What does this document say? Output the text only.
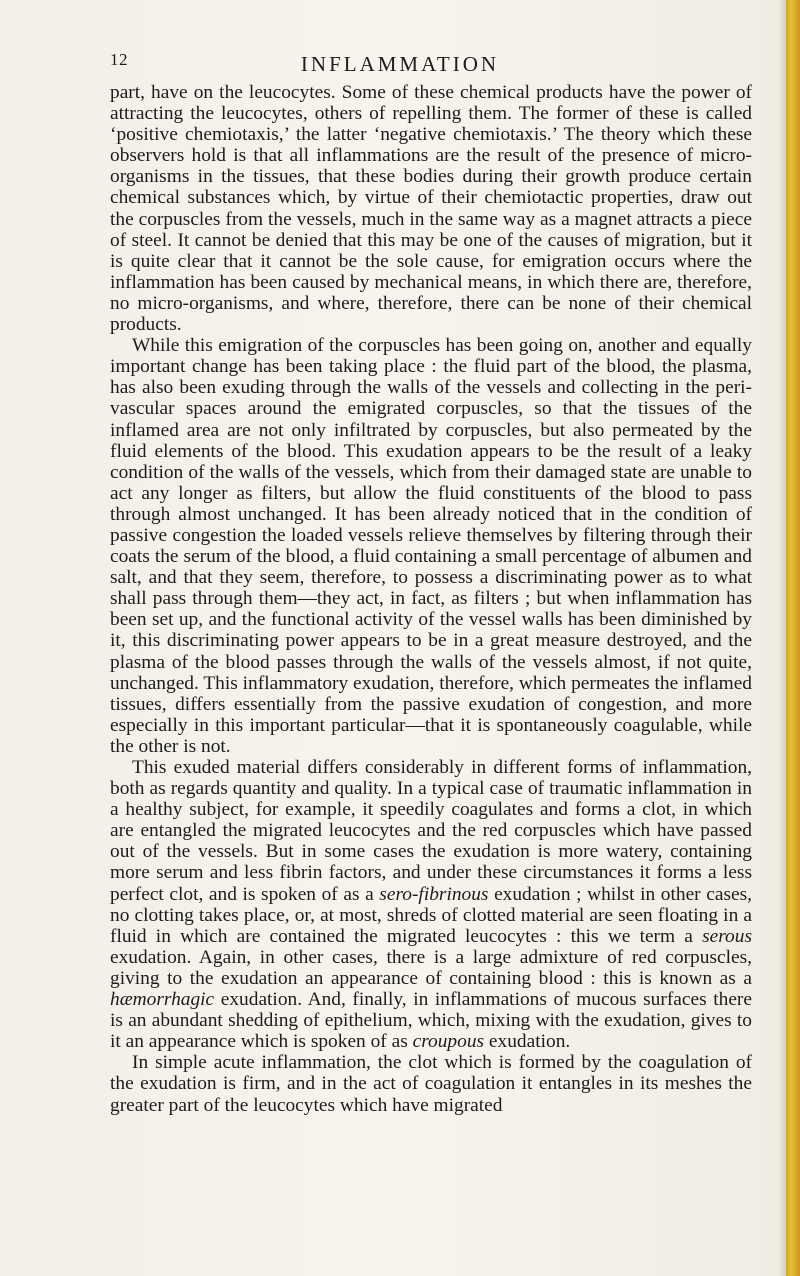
12	INFLAMMATION

part, have on the leucocytes. Some of these chemical products have the power of attracting the leucocytes, others of repelling them. The former of these is called ‘positive chemiotaxis,’ the latter ‘negative chemiotaxis.’ The theory which these observers hold is that all inflammations are the result of the presence of micro-organisms in the tissues, that these bodies during their growth produce certain chemical substances which, by virtue of their chemiotactic properties, draw out the corpuscles from the vessels, much in the same way as a magnet attracts a piece of steel. It cannot be denied that this may be one of the causes of migration, but it is quite clear that it cannot be the sole cause, for emigration occurs where the inflammation has been caused by mechanical means, in which there are, therefore, no micro-organisms, and where, therefore, there can be none of their chemical products.

While this emigration of the corpuscles has been going on, another and equally important change has been taking place : the fluid part of the blood, the plasma, has also been exuding through the walls of the vessels and collecting in the peri-vascular spaces around the emigrated corpuscles, so that the tissues of the inflamed area are not only infiltrated by corpuscles, but also permeated by the fluid elements of the blood. This exudation appears to be the result of a leaky condition of the walls of the vessels, which from their damaged state are unable to act any longer as filters, but allow the fluid constituents of the blood to pass through almost unchanged. It has been already noticed that in the condition of passive congestion the loaded vessels relieve themselves by filtering through their coats the serum of the blood, a fluid containing a small percentage of albumen and salt, and that they seem, therefore, to possess a discriminating power as to what shall pass through them—they act, in fact, as filters ; but when inflammation has been set up, and the functional activity of the vessel walls has been diminished by it, this discriminating power appears to be in a great measure destroyed, and the plasma of the blood passes through the walls of the vessels almost, if not quite, unchanged. This inflammatory exudation, therefore, which permeates the inflamed tissues, differs essentially from the passive exudation of congestion, and more especially in this important particular—that it is spontaneously coagulable, while the other is not.

This exuded material differs considerably in different forms of inflammation, both as regards quantity and quality. In a typical case of traumatic inflammation in a healthy subject, for example, it speedily coagulates and forms a clot, in which are entangled the migrated leucocytes and the red corpuscles which have passed out of the vessels. But in some cases the exudation is more watery, containing more serum and less fibrin factors, and under these circumstances it forms a less perfect clot, and is spoken of as a sero-fibrinous exudation ; whilst in other cases, no clotting takes place, or, at most, shreds of clotted material are seen floating in a fluid in which are contained the migrated leucocytes : this we term a serous exudation. Again, in other cases, there is a large admixture of red corpuscles, giving to the exudation an appearance of containing blood : this is known as a hæmorrhagic exudation. And, finally, in inflammations of mucous surfaces there is an abundant shedding of epithelium, which, mixing with the exudation, gives to it an appearance which is spoken of as croupous exudation.

In simple acute inflammation, the clot which is formed by the coagulation of the exudation is firm, and in the act of coagulation it entangles in its meshes the greater part of the leucocytes which have migrated
